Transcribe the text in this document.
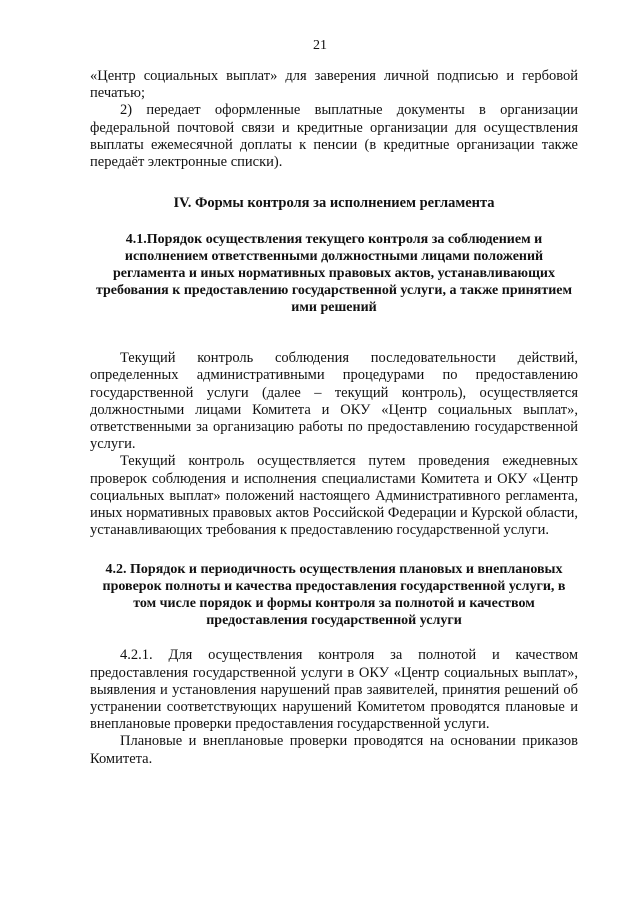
21

«Центр социальных выплат» для заверения личной подписью и гербовой печатью;

2) передает оформленные выплатные документы в организации федеральной почтовой связи и кредитные организации для осуществления выплаты ежемесячной доплаты к пенсии (в кредитные организации также передаёт электронные списки).

IV. Формы контроля за исполнением регламента
4.1.Порядок осуществления текущего контроля за соблюдением и исполнением ответственными должностными лицами положений регламента и иных нормативных правовых актов, устанавливающих требования к предоставлению государственной услуги, а также принятием ими решений

Текущий контроль соблюдения последовательности действий, определенных административными процедурами по предоставлению государственной услуги (далее – текущий контроль), осуществляется должностными лицами Комитета и ОКУ «Центр социальных выплат», ответственными за организацию работы по предоставлению государственной услуги.

Текущий контроль осуществляется путем проведения ежедневных проверок соблюдения и исполнения специалистами Комитета и ОКУ «Центр социальных выплат» положений настоящего Административного регламента, иных нормативных правовых актов Российской Федерации и Курской области, устанавливающих требования к предоставлению государственной услуги.

4.2. Порядок и периодичность осуществления плановых и внеплановых проверок полноты и качества предоставления государственной услуги, в том числе порядок и формы контроля за полнотой и качеством предоставления государственной услуги

4.2.1. Для осуществления контроля за полнотой и качеством предоставления государственной услуги в ОКУ «Центр социальных выплат», выявления и установления нарушений прав заявителей, принятия решений об устранении соответствующих нарушений Комитетом проводятся плановые и внеплановые проверки предоставления государственной услуги.

Плановые и внеплановые проверки проводятся на основании приказов Комитета.
